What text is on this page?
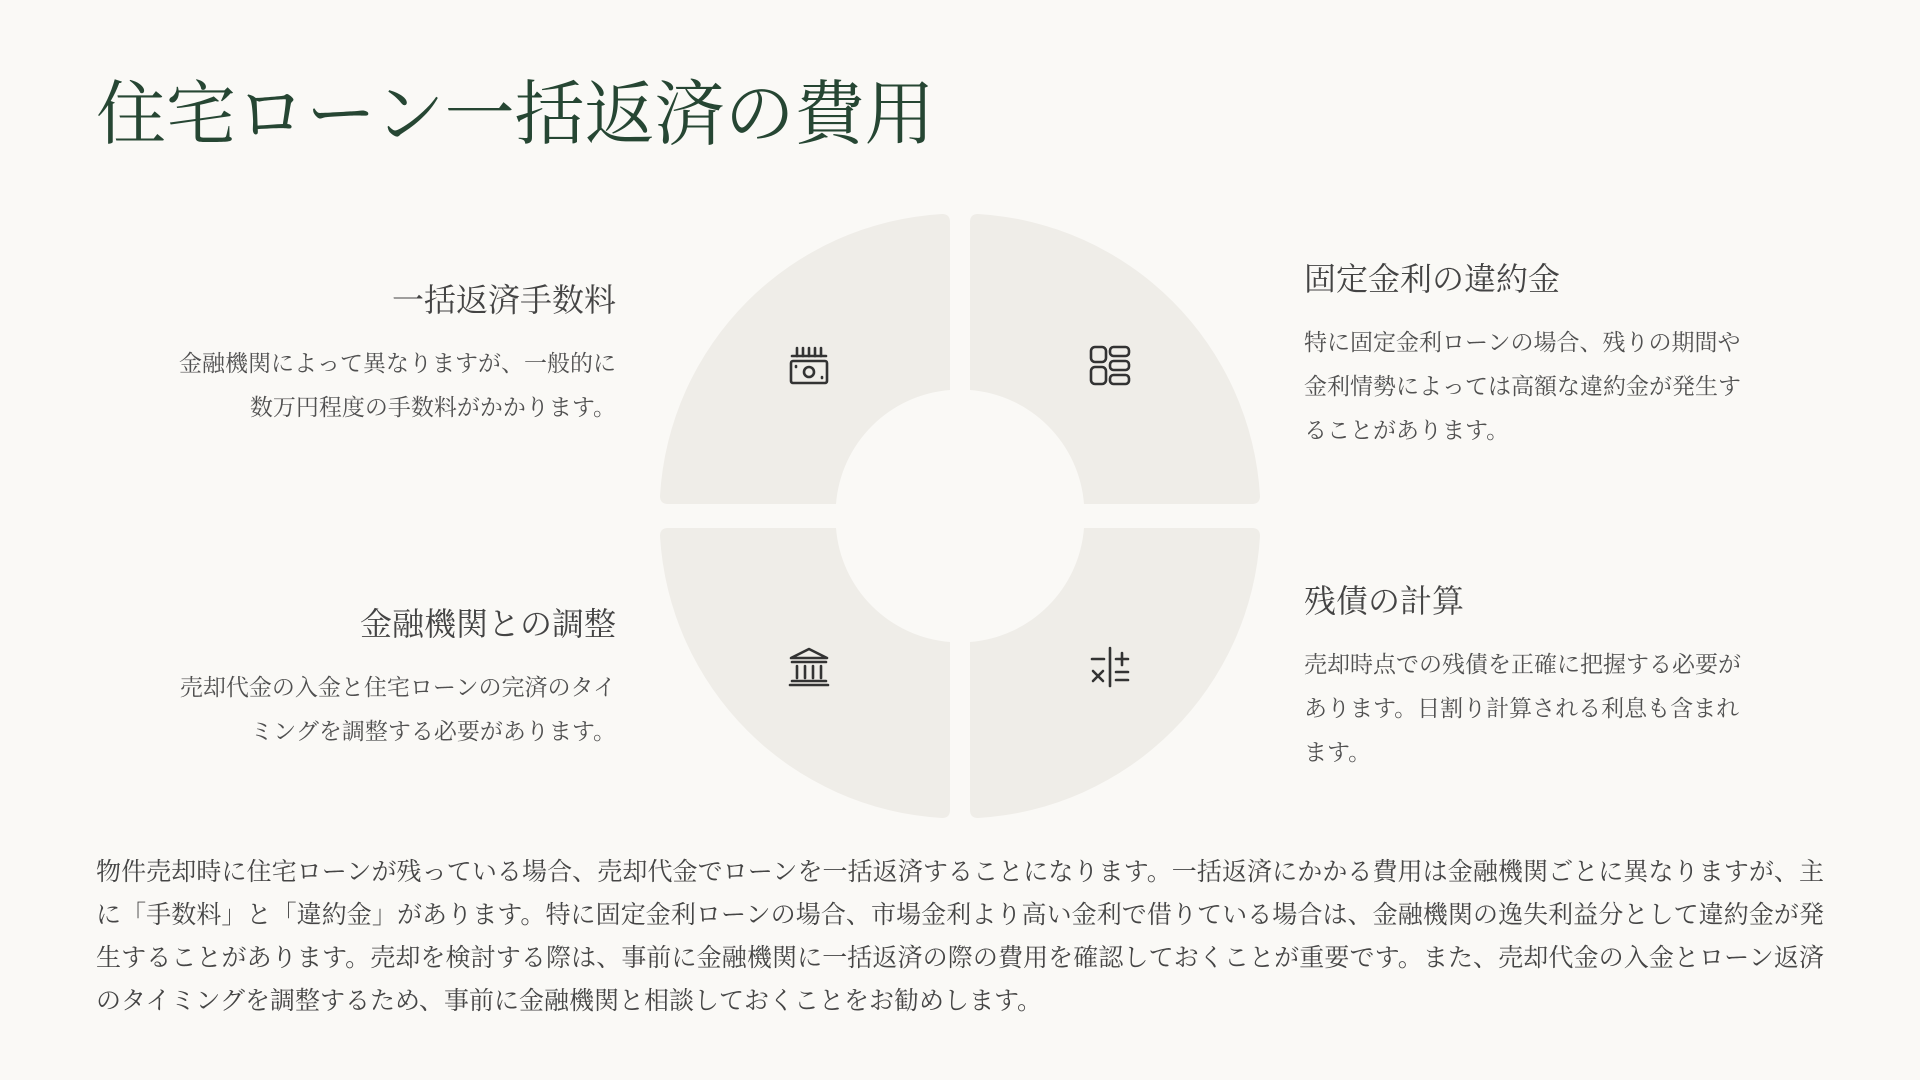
住宅ローン一括返済の費用
一括返済手数料

金融機関によって異なりますが、一般的に
数万円程度の手数料がかかります。

固定金利の違約金

特に固定金利ローンの場合、残りの期間や
金利情勢によっては高額な違約金が発生す
ることがあります。

金融機関との調整

売却代金の入金と住宅ローンの完済のタイ
ミングを調整する必要があります。

残債の計算

売却時点での残債を正確に把握する必要が
あります。日割り計算される利息も含まれ
ます。

物件売却時に住宅ローンが残っている場合、売却代金でローンを一括返済することになります。一括返済にかかる費用は金融機関ごとに異なりますが、主に「手数料」と「違約金」があります。特に固定金利ローンの場合、市場金利より高い金利で借りている場合は、金融機関の逸失利益分として違約金が発生することがあります。売却を検討する際は、事前に金融機関に一括返済の際の費用を確認しておくことが重要です。また、売却代金の入金とローン返済のタイミングを調整するため、事前に金融機関と相談しておくことをお勧めします。
